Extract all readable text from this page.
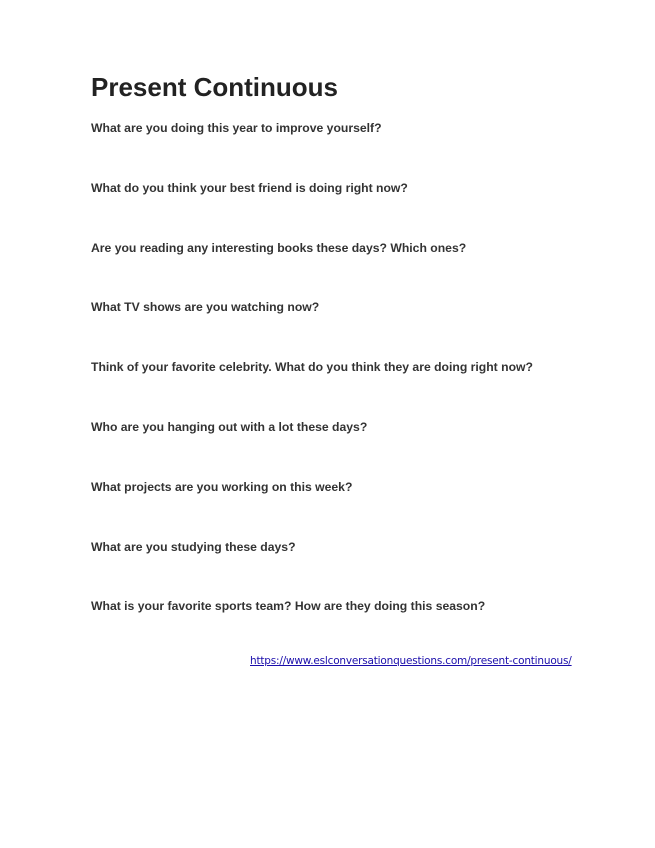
Present Continuous
What are you doing this year to improve yourself?
What do you think your best friend is doing right now?
Are you reading any interesting books these days? Which ones?
What TV shows are you watching now?
Think of your favorite celebrity. What do you think they are doing right now?
Who are you hanging out with a lot these days?
What projects are you working on this week?
What are you studying these days?
What is your favorite sports team? How are they doing this season?
https://www.eslconversationquestions.com/present-continuous/
